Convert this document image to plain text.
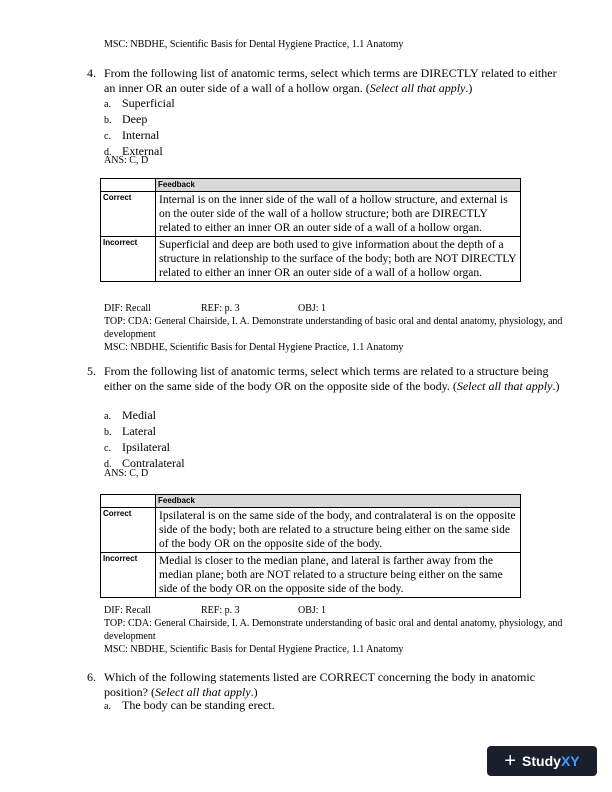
MSC: NBDHE, Scientific Basis for Dental Hygiene Practice, 1.1 Anatomy
4. From the following list of anatomic terms, select which terms are DIRECTLY related to either
an inner OR an outer side of a wall of a hollow organ. (Select all that apply.)
a. Superficial
b. Deep
c. Internal
d. External
ANS: C, D
	Feedback
Correct	Internal is on the inner side of the wall of a hollow structure, and external is on the outer side of the wall of a hollow structure; both are DIRECTLY related to either an inner OR an outer side of a wall of a hollow organ.
Incorrect	Superficial and deep are both used to give information about the depth of a structure in relationship to the surface of the body; both are NOT DIRECTLY related to either an inner OR an outer side of a wall of a hollow organ.
DIF: Recall	REF: p. 3	OBJ: 1
TOP: CDA: General Chairside, I. A. Demonstrate understanding of basic oral and dental anatomy, physiology, and development
MSC: NBDHE, Scientific Basis for Dental Hygiene Practice, 1.1 Anatomy
5. From the following list of anatomic terms, select which terms are related to a structure being
either on the same side of the body OR on the opposite side of the body. (Select all that apply.)
a. Medial
b. Lateral
c. Ipsilateral
d. Contralateral
ANS: C, D
	Feedback
Correct	Ipsilateral is on the same side of the body, and contralateral is on the opposite side of the body; both are related to a structure being either on the same side of the body OR on the opposite side of the body.
Incorrect	Medial is closer to the median plane, and lateral is farther away from the median plane; both are NOT related to a structure being either on the same side of the body OR on the opposite side of the body.
DIF: Recall	REF: p. 3	OBJ: 1
TOP: CDA: General Chairside, I. A. Demonstrate understanding of basic oral and dental anatomy, physiology, and development
MSC: NBDHE, Scientific Basis for Dental Hygiene Practice, 1.1 Anatomy
6. Which of the following statements listed are CORRECT concerning the body in anatomic
position? (Select all that apply.)
a. The body can be standing erect.
+ StudyXY
